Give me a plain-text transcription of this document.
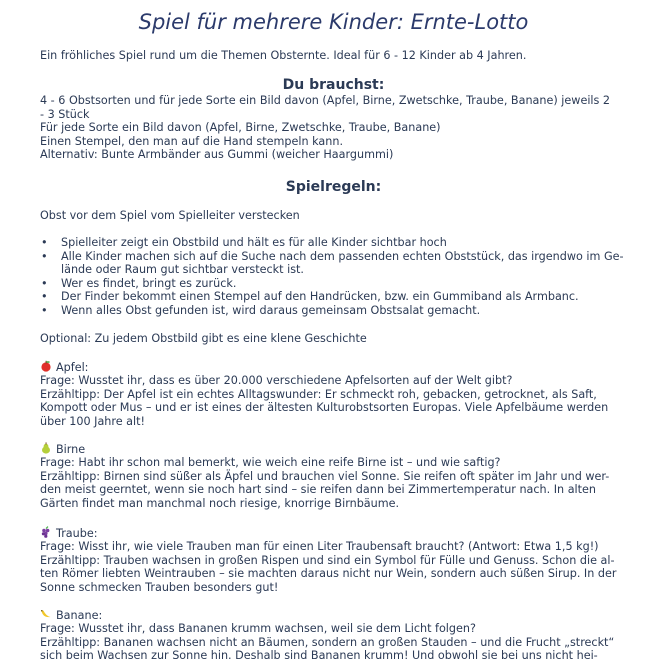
Spiel für mehrere Kinder: Ernte-Lotto

Ein fröhliches Spiel rund um die Themen Obsternte. Ideal für 6 - 12 Kinder ab 4 Jahren.

Du brauchst:

4 - 6 Obstsorten und für jede Sorte ein Bild davon (Apfel, Birne, Zwetschke, Traube, Banane) jeweils 2

- 3 Stück

Für jede Sorte ein Bild davon (Apfel, Birne, Zwetschke, Traube, Banane)

Einen Stempel, den man auf die Hand stempeln kann.

Alternativ: Bunte Armbänder aus Gummi (weicher Haargummi)

Spielregeln:

Obst vor dem Spiel vom Spielleiter verstecken

• Spielleiter zeigt ein Obstbild und hält es für alle Kinder sichtbar hoch
• Alle Kinder machen sich auf die Suche nach dem passenden echten Obststück, das irgendwo im Ge-
lände oder Raum gut sichtbar versteckt ist.
• Wer es findet, bringt es zurück.
• Der Finder bekommt einen Stempel auf den Handrücken, bzw. ein Gummiband als Armbanc.
• Wenn alles Obst gefunden ist, wird daraus gemeinsam Obstsalat gemacht.

Optional: Zu jedem Obstbild gibt es eine klene Geschichte

Apfel:

Frage: Wusstet ihr, dass es über 20.000 verschiedene Apfelsorten auf der Welt gibt?

Erzähltipp: Der Apfel ist ein echtes Alltagswunder: Er schmeckt roh, gebacken, getrocknet, als Saft,

Kompott oder Mus – und er ist eines der ältesten Kulturobstsorten Europas. Viele Apfelbäume werden

über 100 Jahre alt!

Birne

Frage: Habt ihr schon mal bemerkt, wie weich eine reife Birne ist – und wie saftig?

Erzähltipp: Birnen sind süßer als Äpfel und brauchen viel Sonne. Sie reifen oft später im Jahr und wer-

den meist geerntet, wenn sie noch hart sind – sie reifen dann bei Zimmertemperatur nach. In alten

Gärten findet man manchmal noch riesige, knorrige Birnbäume.

Traube:

Frage: Wisst ihr, wie viele Trauben man für einen Liter Traubensaft braucht? (Antwort: Etwa 1,5 kg!)

Erzähltipp: Trauben wachsen in großen Rispen und sind ein Symbol für Fülle und Genuss. Schon die al-

ten Römer liebten Weintrauben – sie machten daraus nicht nur Wein, sondern auch süßen Sirup. In der

Sonne schmecken Trauben besonders gut!

Banane:

Frage: Wusstet ihr, dass Bananen krumm wachsen, weil sie dem Licht folgen?

Erzähltipp: Bananen wachsen nicht an Bäumen, sondern an großen Stauden – und die Frucht „streckt“

sich beim Wachsen zur Sonne hin. Deshalb sind Bananen krumm! Und obwohl sie bei uns nicht hei-
